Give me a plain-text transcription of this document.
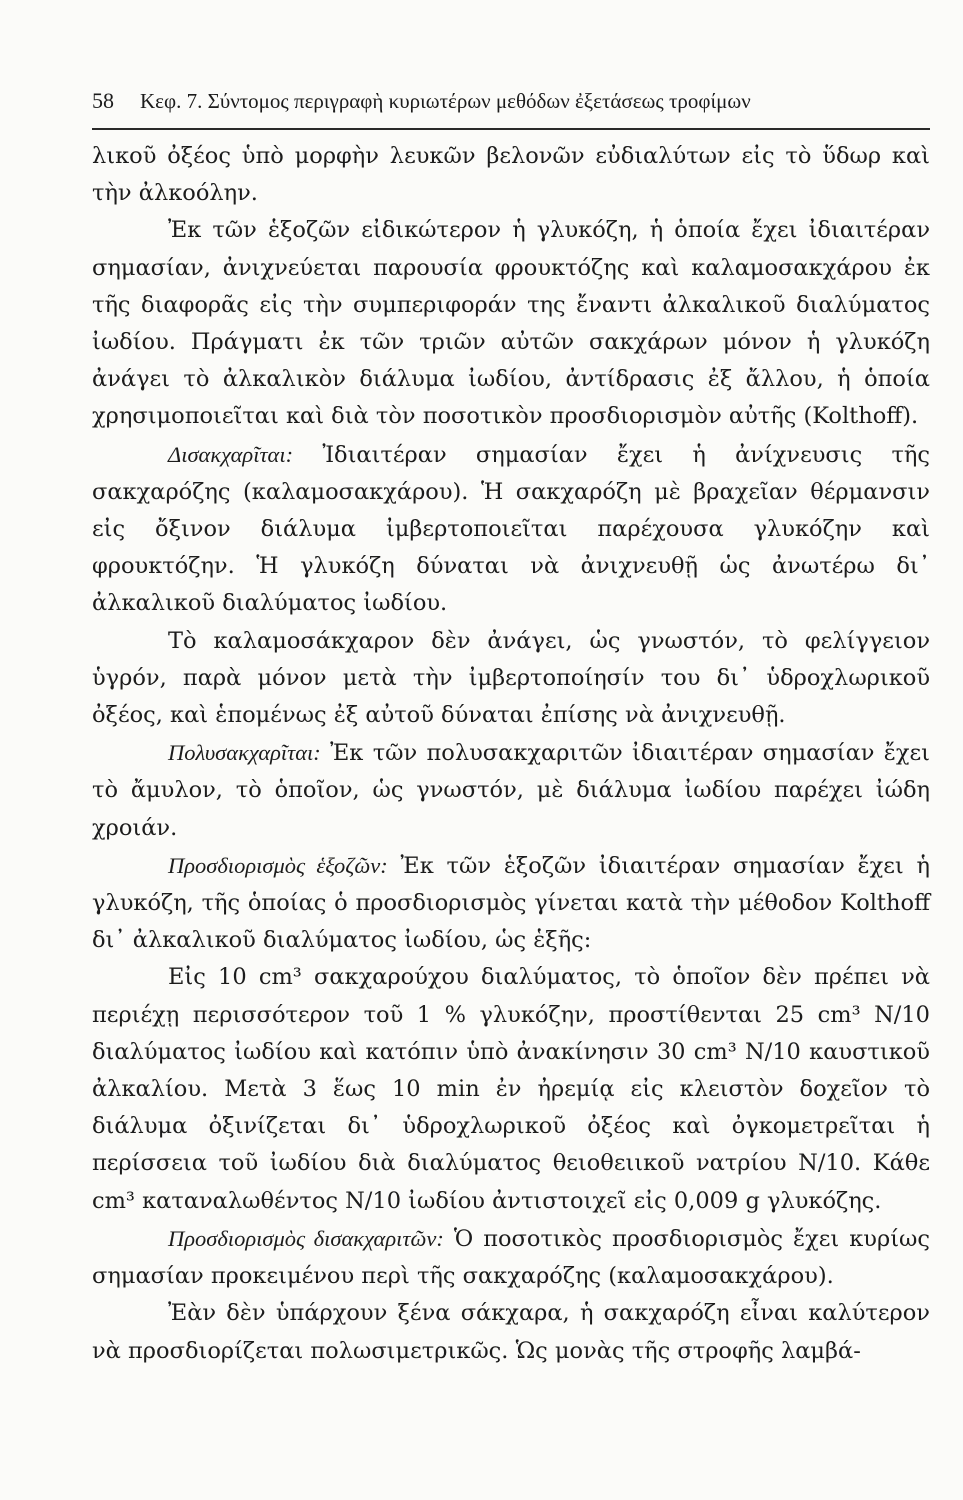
58 Κεφ. 7. Σύντομος περιγραφὴ κυριωτέρων μεθόδων ἐξετάσεως τροφίμων

λικοῦ ὀξέος ὑπὸ μορφὴν λευκῶν βελονῶν εὐδιαλύτων εἰς τὸ ὕδωρ καὶ τὴν ἀλκοόλην.

Ἐκ τῶν ἑξοζῶν εἰδικώτερον ἡ γλυκόζη, ἡ ὁποία ἔχει ἰδιαιτέραν σημασίαν, ἀνιχνεύεται παρουσία φρουκτόζης καὶ καλαμοσακχάρου ἐκ τῆς διαφορᾶς εἰς τὴν συμπεριφοράν της ἔναντι ἀλκαλικοῦ διαλύματος ἰωδίου. Πράγματι ἐκ τῶν τριῶν αὐτῶν σακχάρων μόνον ἡ γλυκόζη ἀνάγει τὸ ἀλκαλικὸν διάλυμα ἰωδίου, ἀντίδρασις ἐξ ἄλλου, ἡ ὁποία χρησιμοποιεῖται καὶ διὰ τὸν ποσοτικὸν προσδιορισμὸν αὐτῆς (Kolthoff).

Δισακχαρῖται: Ἰδιαιτέραν σημασίαν ἔχει ἡ ἀνίχνευσις τῆς σακχαρόζης (καλαμοσακχάρου). Ἡ σακχαρόζη μὲ βραχεῖαν θέρμανσιν εἰς ὄξινον διάλυμα ἰμβερτοποιεῖται παρέχουσα γλυκόζην καὶ φρουκτόζην. Ἡ γλυκόζη δύναται νὰ ἀνιχνευθῇ ὡς ἀνωτέρω δι᾽ ἀλκαλικοῦ διαλύματος ἰωδίου.

Τὸ καλαμοσάκχαρον δὲν ἀνάγει, ὡς γνωστόν, τὸ φελίγγειον ὑγρόν, παρὰ μόνον μετὰ τὴν ἰμβερτοποίησίν του δι᾽ ὑδροχλωρικοῦ ὀξέος, καὶ ἑπομένως ἐξ αὐτοῦ δύναται ἐπίσης νὰ ἀνιχνευθῇ.

Πολυσακχαρῖται: Ἐκ τῶν πολυσακχαριτῶν ἰδιαιτέραν σημασίαν ἔχει τὸ ἄμυλον, τὸ ὁποῖον, ὡς γνωστόν, μὲ διάλυμα ἰωδίου παρέχει ἰώδη χροιάν.

Προσδιορισμὸς ἑξοζῶν: Ἐκ τῶν ἑξοζῶν ἰδιαιτέραν σημασίαν ἔχει ἡ γλυκόζη, τῆς ὁποίας ὁ προσδιορισμὸς γίνεται κατὰ τὴν μέθοδον Kolthoff δι᾽ ἀλκαλικοῦ διαλύματος ἰωδίου, ὡς ἑξῆς:

Εἰς 10 cm³ σακχαρούχου διαλύματος, τὸ ὁποῖον δὲν πρέπει νὰ περιέχῃ περισσότερον τοῦ 1 % γλυκόζην, προστίθενται 25 cm³ N/10 διαλύματος ἰωδίου καὶ κατόπιν ὑπὸ ἀνακίνησιν 30 cm³ N/10 καυστικοῦ ἀλκαλίου. Μετὰ 3 ἕως 10 min ἐν ἠρεμίᾳ εἰς κλειστὸν δοχεῖον τὸ διάλυμα ὀξινίζεται δι᾽ ὑδροχλωρικοῦ ὀξέος καὶ ὀγκομετρεῖται ἡ περίσσεια τοῦ ἰωδίου διὰ διαλύματος θειοθειικοῦ νατρίου N/10. Κάθε cm³ καταναλωθέντος N/10 ἰωδίου ἀντιστοιχεῖ εἰς 0,009 g γλυκόζης.

Προσδιορισμὸς δισακχαριτῶν: Ὁ ποσοτικὸς προσδιορισμὸς ἔχει κυρίως σημασίαν προκειμένου περὶ τῆς σακχαρόζης (καλαμοσακχάρου).

Ἐὰν δὲν ὑπάρχουν ξένα σάκχαρα, ἡ σακχαρόζη εἶναι καλύτερον νὰ προσδιορίζεται πολωσιμετρικῶς. Ὡς μονὰς τῆς στροφῆς λαμβά-
